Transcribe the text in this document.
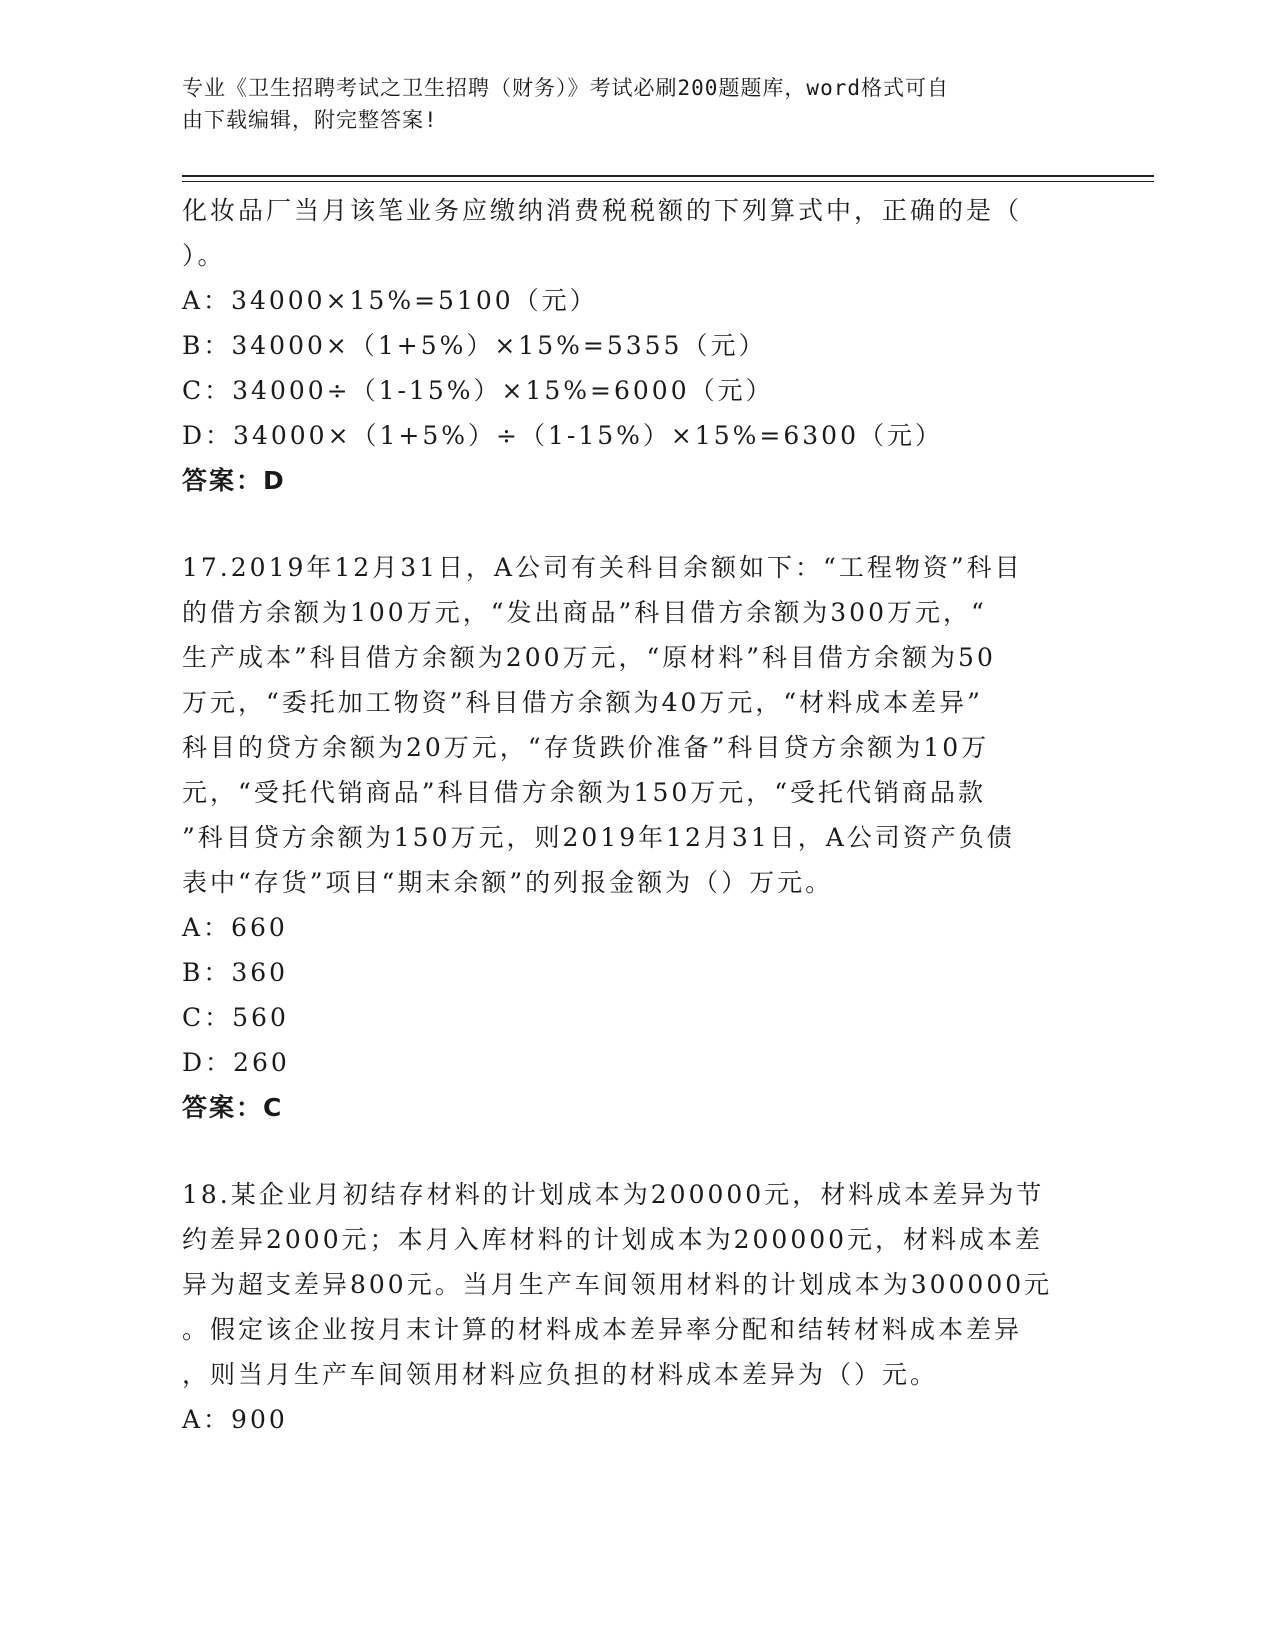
专业《卫生招聘考试之卫生招聘（财务）》考试必刷200题题库，word格式可自
由下载编辑，附完整答案!
化妆品厂当月该笔业务应缴纳消费税税额的下列算式中，正确的是（
）。
A：34000×15%=5100（元）
B：34000×（1+5%）×15%=5355（元）
C：34000÷（1-15%）×15%=6000（元）
D：34000×（1+5%）÷（1-15%）×15%=6300（元）
答案：D
17.2019年12月31日，A公司有关科目余额如下：“工程物资”科目
的借方余额为100万元，“发出商品”科目借方余额为300万元，“
生产成本”科目借方余额为200万元，“原材料”科目借方余额为50
万元，“委托加工物资”科目借方余额为40万元，“材料成本差异”
科目的贷方余额为20万元，“存货跌价准备”科目贷方余额为10万
元，“受托代销商品”科目借方余额为150万元，“受托代销商品款
”科目贷方余额为150万元，则2019年12月31日，A公司资产负债
表中“存货”项目“期末余额”的列报金额为（）万元。
A：660
B：360
C：560
D：260
答案：C
18.某企业月初结存材料的计划成本为200000元，材料成本差异为节
约差异2000元；本月入库材料的计划成本为200000元，材料成本差
异为超支差异800元。当月生产车间领用材料的计划成本为300000元
。假定该企业按月末计算的材料成本差异率分配和结转材料成本差异
，则当月生产车间领用材料应负担的材料成本差异为（）元。
A：900
